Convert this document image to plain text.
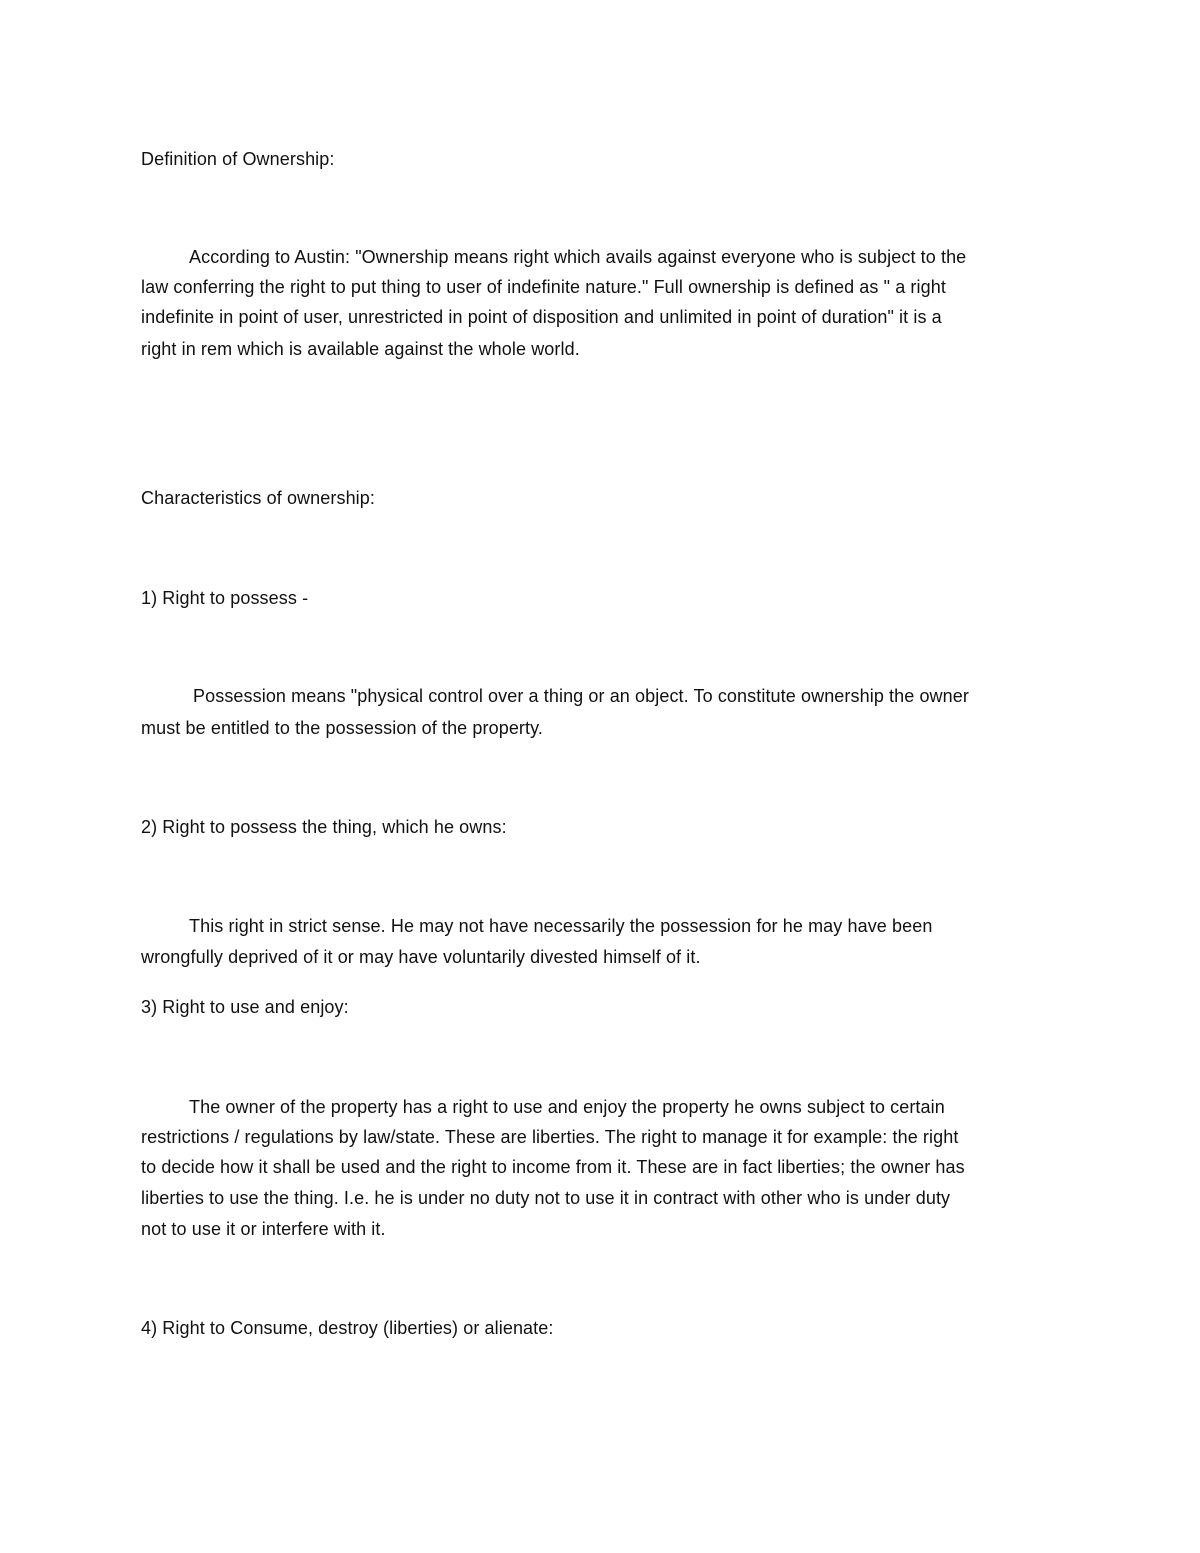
Definition of Ownership:
According to Austin: "Ownership means right which avails against everyone who is subject to the
law conferring the right to put thing to user of indefinite nature." Full ownership is defined as " a right
indefinite in point of user, unrestricted in point of disposition and unlimited in point of duration" it is a
right in rem which is available against the whole world.
Characteristics of ownership:
1) Right to possess -
Possession means "physical control over a thing or an object. To constitute ownership the owner
must be entitled to the possession of the property.
2) Right to possess the thing, which he owns:
This right in strict sense. He may not have necessarily the possession for he may have been
wrongfully deprived of it or may have voluntarily divested himself of it.
3) Right to use and enjoy:
The owner of the property has a right to use and enjoy the property he owns subject to certain
restrictions / regulations by law/state. These are liberties. The right to manage it for example: the right
to decide how it shall be used and the right to income from it. These are in fact liberties; the owner has
liberties to use the thing. I.e. he is under no duty not to use it in contract with other who is under duty
not to use it or interfere with it.
4) Right to Consume, destroy (liberties) or alienate:
